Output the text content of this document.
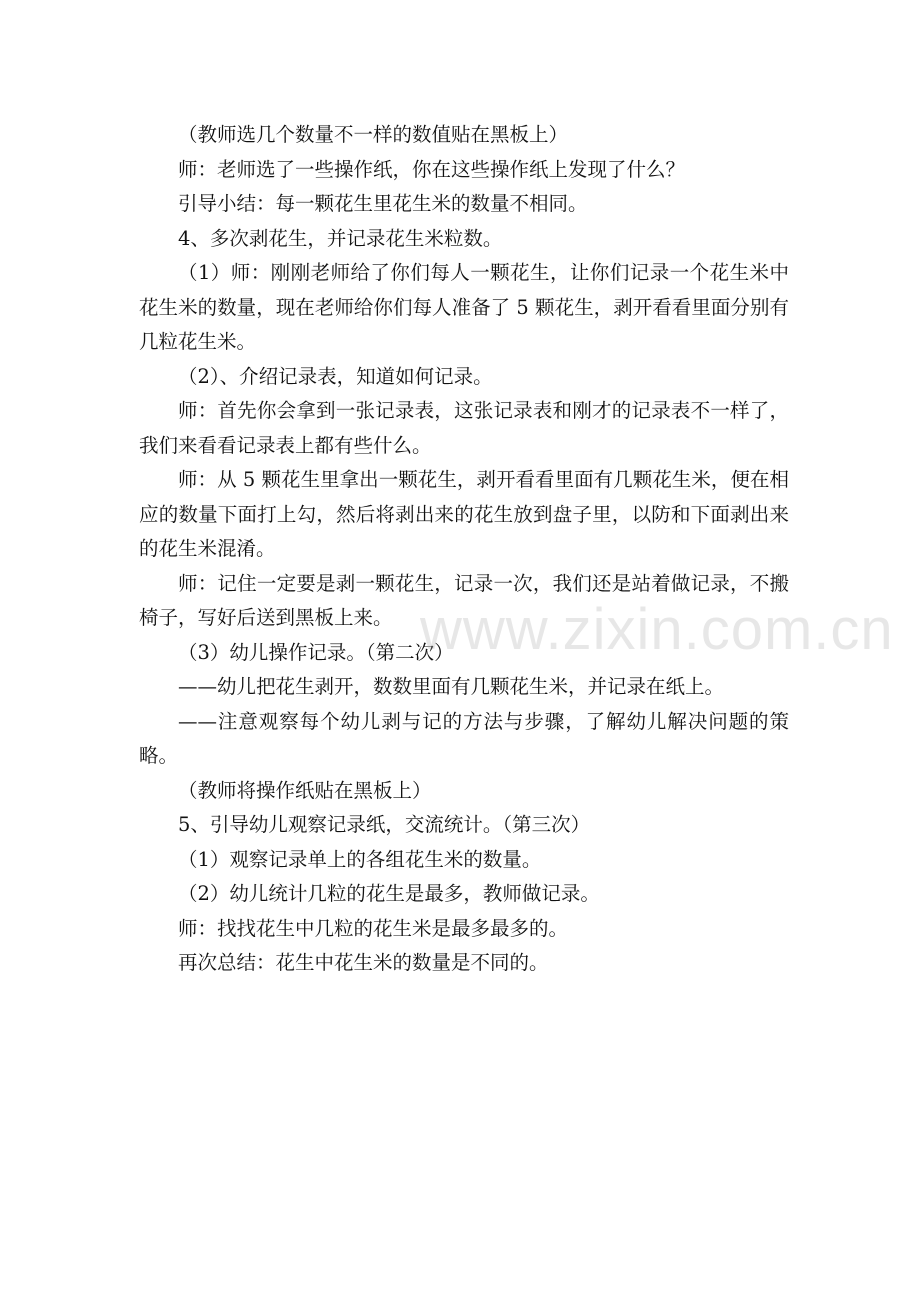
（教师选几个数量不一样的数值贴在黑板上）

师：老师选了一些操作纸，你在这些操作纸上发现了什么？

引导小结：每一颗花生里花生米的数量不相同。

4、多次剥花生，并记录花生米粒数。

（1）师：刚刚老师给了你们每人一颗花生，让你们记录一个花生米中花生米的数量，现在老师给你们每人准备了 5 颗花生，剥开看看里面分别有几粒花生米。

（2）、介绍记录表，知道如何记录。

师：首先你会拿到一张记录表，这张记录表和刚才的记录表不一样了，我们来看看记录表上都有些什么。

师：从 5 颗花生里拿出一颗花生，剥开看看里面有几颗花生米，便在相应的数量下面打上勾，然后将剥出来的花生放到盘子里，以防和下面剥出来的花生米混淆。

师：记住一定要是剥一颗花生，记录一次，我们还是站着做记录，不搬椅子，写好后送到黑板上来。

（3）幼儿操作记录。（第二次）

——幼儿把花生剥开，数数里面有几颗花生米，并记录在纸上。

——注意观察每个幼儿剥与记的方法与步骤，了解幼儿解决问题的策略。

（教师将操作纸贴在黑板上）

5、引导幼儿观察记录纸，交流统计。（第三次）

（1）观察记录单上的各组花生米的数量。

（2）幼儿统计几粒的花生是最多，教师做记录。

师：找找花生中几粒的花生米是最多最多的。

再次总结：花生中花生米的数量是不同的。

www.zixin.com.cn
